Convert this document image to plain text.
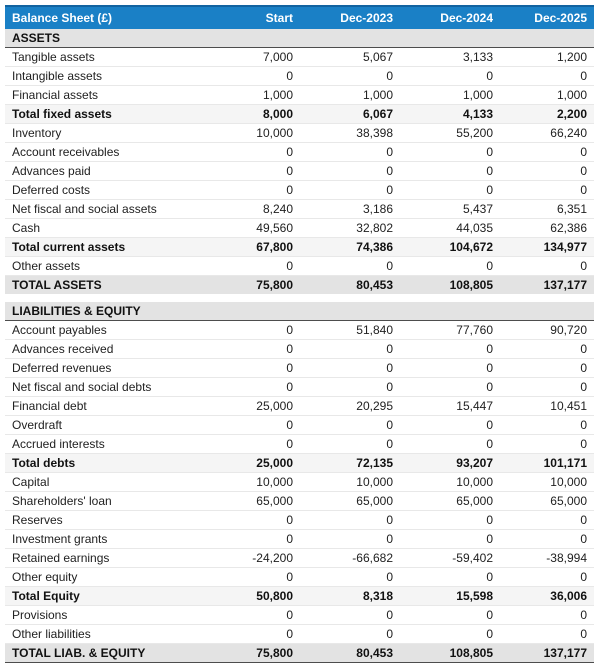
Balance Sheet (£)	Start	Dec-2023	Dec-2024	Dec-2025
ASSETS				
Tangible assets	7,000	5,067	3,133	1,200
Intangible assets	0	0	0	0
Financial assets	1,000	1,000	1,000	1,000
Total fixed assets	8,000	6,067	4,133	2,200
Inventory	10,000	38,398	55,200	66,240
Account receivables	0	0	0	0
Advances paid	0	0	0	0
Deferred costs	0	0	0	0
Net fiscal and social assets	8,240	3,186	5,437	6,351
Cash	49,560	32,802	44,035	62,386
Total current assets	67,800	74,386	104,672	134,977
Other assets	0	0	0	0
TOTAL ASSETS	75,800	80,453	108,805	137,177

LIABILITIES & EQUITY				
Account payables	0	51,840	77,760	90,720
Advances received	0	0	0	0
Deferred revenues	0	0	0	0
Net fiscal and social debts	0	0	0	0
Financial debt	25,000	20,295	15,447	10,451
Overdraft	0	0	0	0
Accrued interests	0	0	0	0
Total debts	25,000	72,135	93,207	101,171
Capital	10,000	10,000	10,000	10,000
Shareholders' loan	65,000	65,000	65,000	65,000
Reserves	0	0	0	0
Investment grants	0	0	0	0
Retained earnings	-24,200	-66,682	-59,402	-38,994
Other equity	0	0	0	0
Total Equity	50,800	8,318	15,598	36,006
Provisions	0	0	0	0
Other liabilities	0	0	0	0
TOTAL LIAB. & EQUITY	75,800	80,453	108,805	137,177
